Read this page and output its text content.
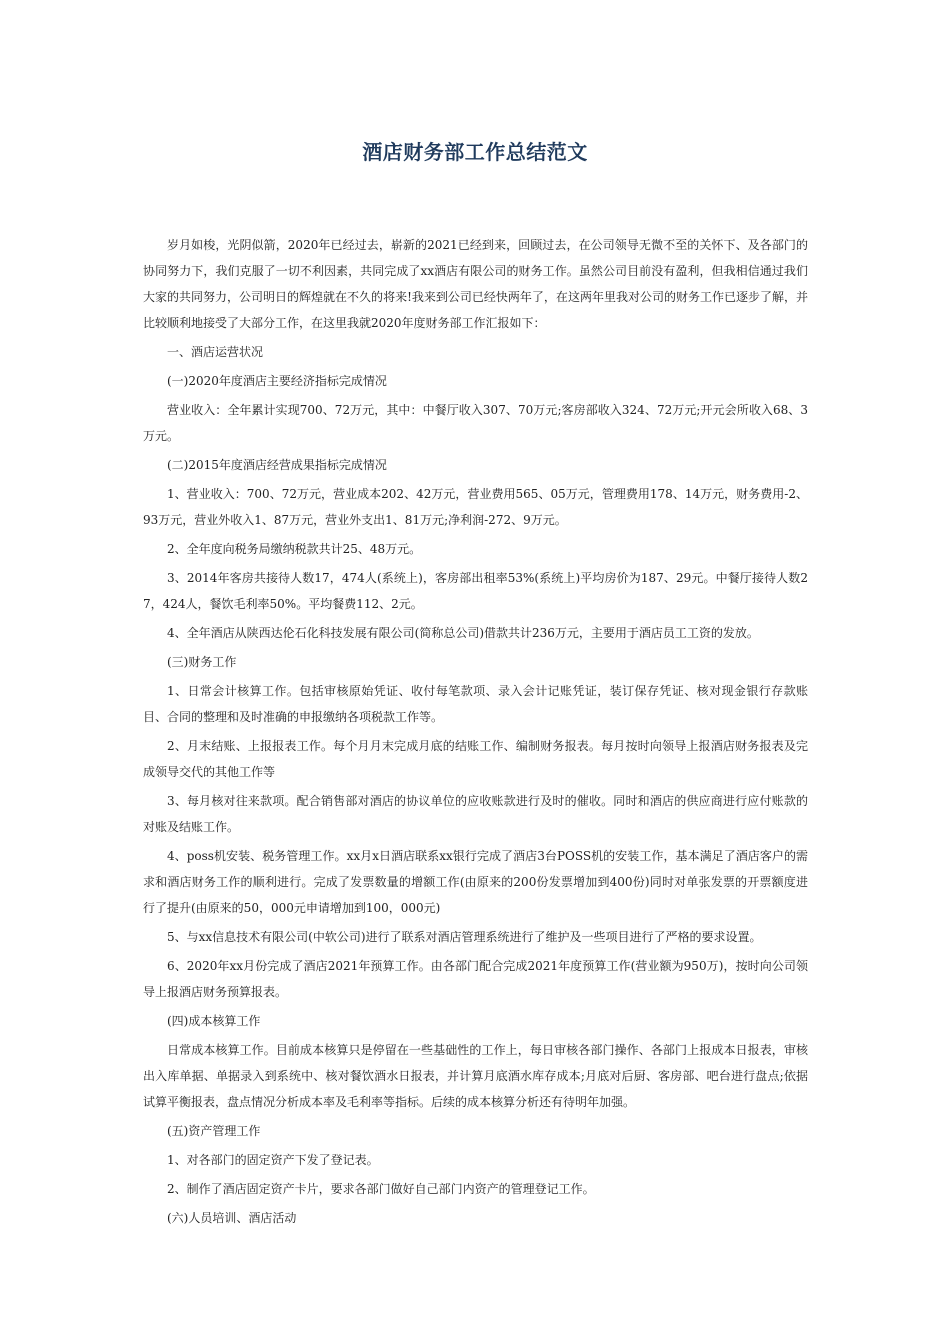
酒店财务部工作总结范文

岁月如梭，光阴似箭，2020年已经过去，崭新的2021已经到来，回顾过去，在公司领导无微不至的关怀下、及各部门的协同努力下，我们克服了一切不利因素，共同完成了xx酒店有限公司的财务工作。虽然公司目前没有盈利，但我相信通过我们大家的共同努力，公司明日的辉煌就在不久的将来!我来到公司已经快两年了，在这两年里我对公司的财务工作已逐步了解，并比较顺利地接受了大部分工作，在这里我就2020年度财务部工作汇报如下：

一、酒店运营状况

(一)2020年度酒店主要经济指标完成情况

营业收入：全年累计实现700、72万元，其中：中餐厅收入307、70万元;客房部收入324、72万元;开元会所收入68、3万元。

(二)2015年度酒店经营成果指标完成情况

1、营业收入：700、72万元，营业成本202、42万元，营业费用565、05万元，管理费用178、14万元，财务费用-2、93万元，营业外收入1、87万元，营业外支出1、81万元;净利润-272、9万元。

2、全年度向税务局缴纳税款共计25、48万元。

3、2014年客房共接待人数17，474人(系统上)，客房部出租率53%(系统上)平均房价为187、29元。中餐厅接待人数27，424人，餐饮毛利率50%。平均餐费112、2元。

4、全年酒店从陕西达伦石化科技发展有限公司(简称总公司)借款共计236万元，主要用于酒店员工工资的发放。

(三)财务工作

1、日常会计核算工作。包括审核原始凭证、收付每笔款项、录入会计记账凭证，装订保存凭证、核对现金银行存款账目、合同的整理和及时准确的申报缴纳各项税款工作等。

2、月末结账、上报报表工作。每个月月末完成月底的结账工作、编制财务报表。每月按时向领导上报酒店财务报表及完成领导交代的其他工作等

3、每月核对往来款项。配合销售部对酒店的协议单位的应收账款进行及时的催收。同时和酒店的供应商进行应付账款的对账及结账工作。

4、poss机安装、税务管理工作。xx月x日酒店联系xx银行完成了酒店3台POSS机的安装工作，基本满足了酒店客户的需求和酒店财务工作的顺利进行。完成了发票数量的增额工作(由原来的200份发票增加到400份)同时对单张发票的开票额度进行了提升(由原来的50，000元申请增加到100，000元)

5、与xx信息技术有限公司(中软公司)进行了联系对酒店管理系统进行了维护及一些项目进行了严格的要求设置。

6、2020年xx月份完成了酒店2021年预算工作。由各部门配合完成2021年度预算工作(营业额为950万)，按时向公司领导上报酒店财务预算报表。

(四)成本核算工作

日常成本核算工作。目前成本核算只是停留在一些基础性的工作上，每日审核各部门操作、各部门上报成本日报表，审核出入库单据、单据录入到系统中、核对餐饮酒水日报表，并计算月底酒水库存成本;月底对后厨、客房部、吧台进行盘点;依据试算平衡报表，盘点情况分析成本率及毛利率等指标。后续的成本核算分析还有待明年加强。

(五)资产管理工作

1、对各部门的固定资产下发了登记表。

2、制作了酒店固定资产卡片，要求各部门做好自己部门内资产的管理登记工作。

(六)人员培训、酒店活动
